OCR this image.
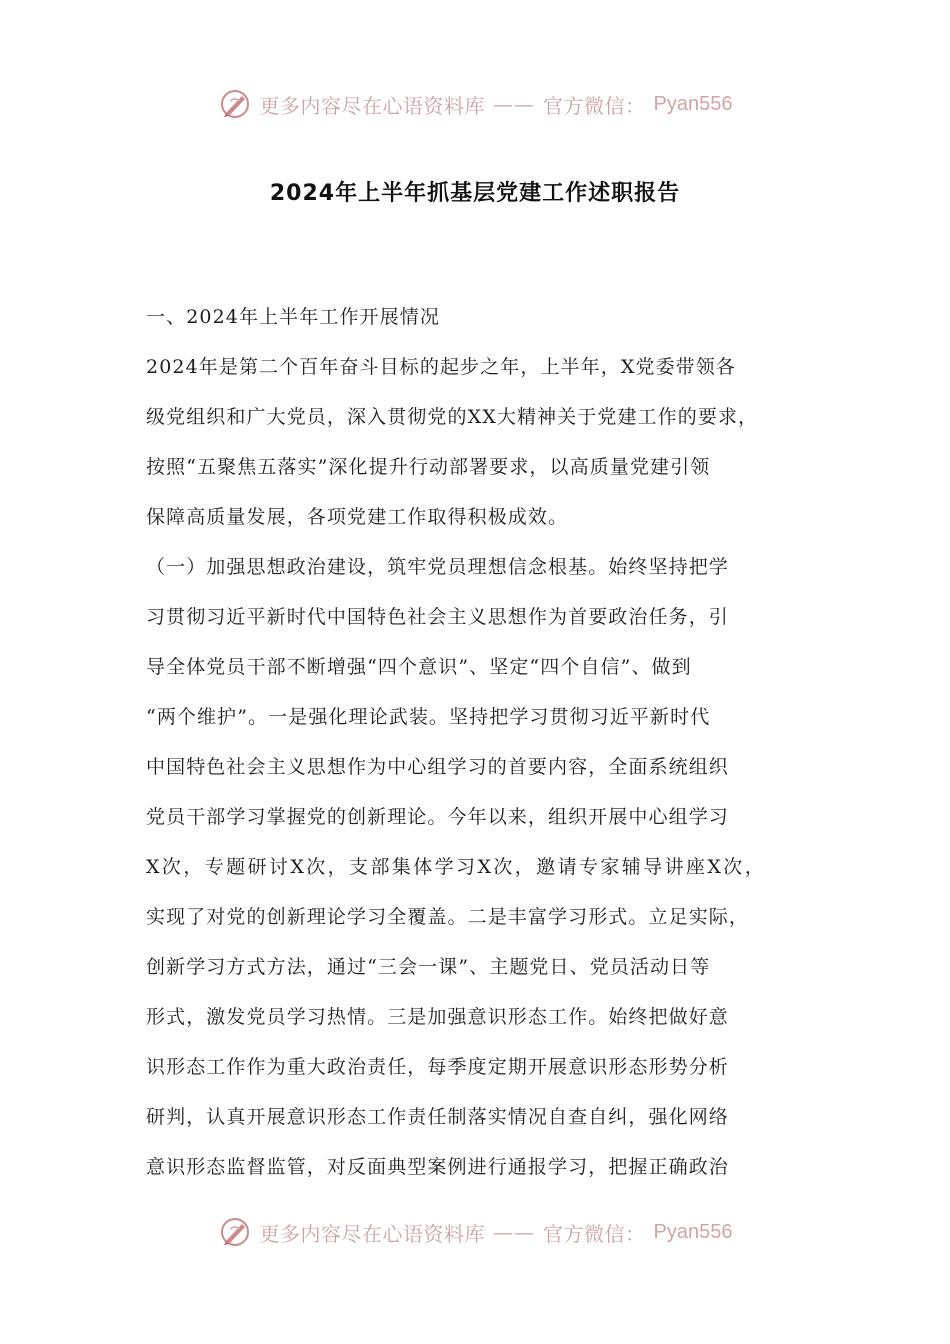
更多内容尽在心语资料库 —— 官方微信： Pyan556
2024年上半年抓基层党建工作述职报告
一、2024年上半年工作开展情况
2024年是第二个百年奋斗目标的起步之年，上半年，X党委带领各
级党组织和广大党员，深入贯彻党的XX大精神关于党建工作的要求，
按照“五聚焦五落实”深化提升行动部署要求，以高质量党建引领
保障高质量发展，各项党建工作取得积极成效。
（一）加强思想政治建设，筑牢党员理想信念根基。始终坚持把学
习贯彻习近平新时代中国特色社会主义思想作为首要政治任务，引
导全体党员干部不断增强“四个意识”、坚定“四个自信”、做到
“两个维护”。一是强化理论武装。坚持把学习贯彻习近平新时代
中国特色社会主义思想作为中心组学习的首要内容，全面系统组织
党员干部学习掌握党的创新理论。今年以来，组织开展中心组学习
X次，专题研讨X次，支部集体学习X次，邀请专家辅导讲座X次，
实现了对党的创新理论学习全覆盖。二是丰富学习形式。立足实际，
创新学习方式方法，通过“三会一课”、主题党日、党员活动日等
形式，激发党员学习热情。三是加强意识形态工作。始终把做好意
识形态工作作为重大政治责任，每季度定期开展意识形态形势分析
研判，认真开展意识形态工作责任制落实情况自查自纠，强化网络
意识形态监督监管，对反面典型案例进行通报学习，把握正确政治
更多内容尽在心语资料库 —— 官方微信： Pyan556
